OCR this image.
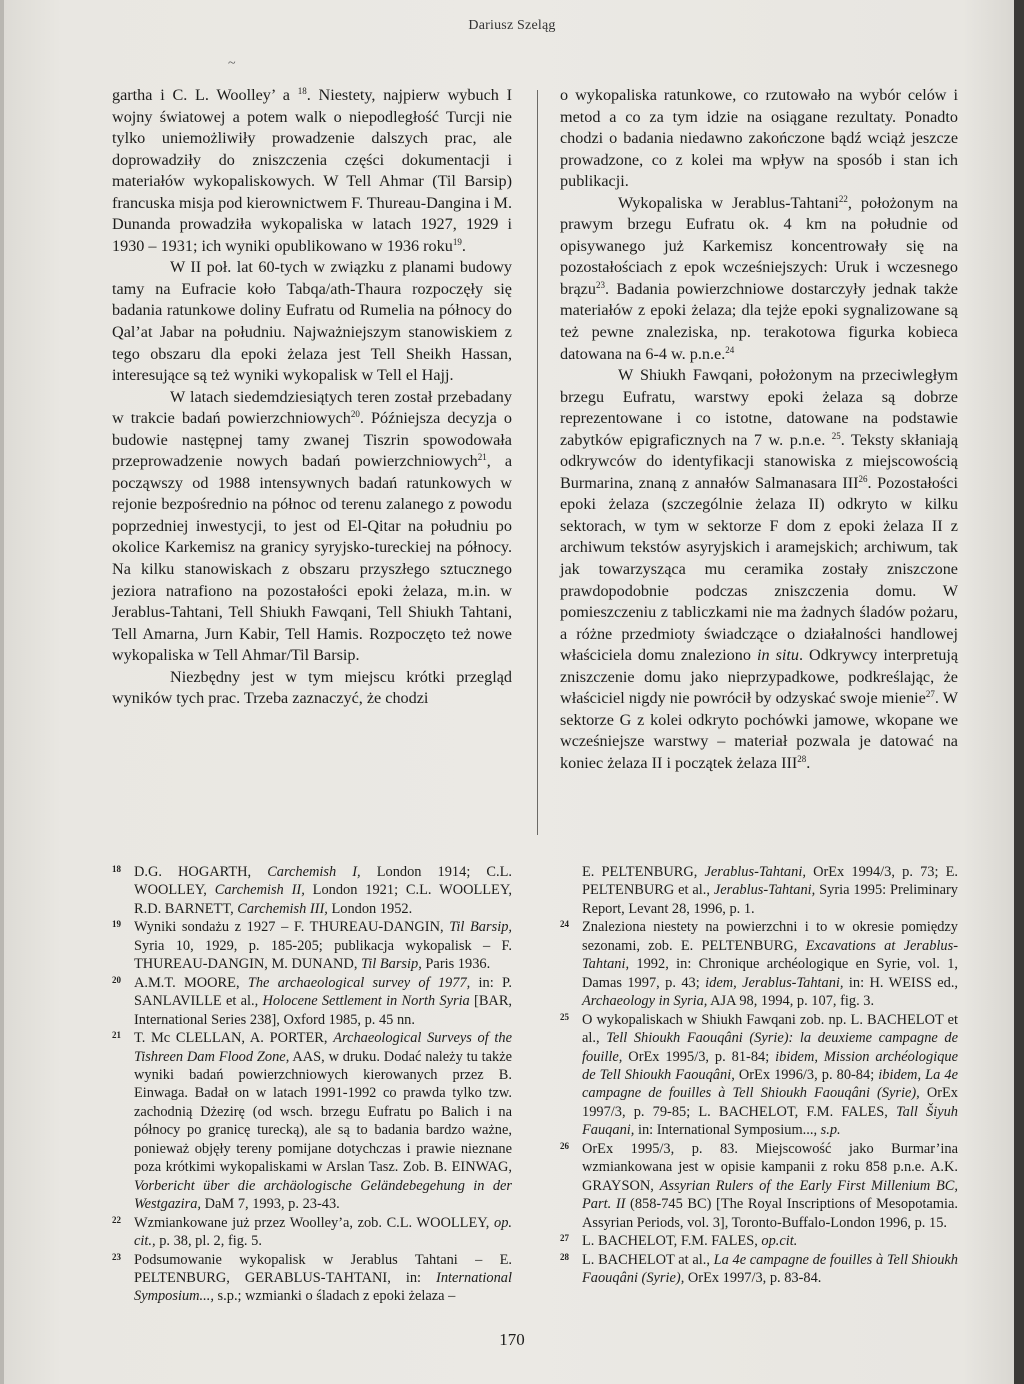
Dariusz Szeląg
~

gartha i C. L. Woolley’ a $^{18}$. Niestety, najpierw wybuch I wojny światowej a potem walk o niepodległość Turcji nie tylko uniemożliwiły prowadzenie dalszych prac, ale doprowadziły do zniszczenia części dokumentacji i materiałów wykopaliskowych. W Tell Ahmar (Til Barsip) francuska misja pod kierownictwem F. Thureau-Dangina i M. Dunanda prowadziła wykopaliska w latach 1927, 1929 i 1930 – 1931; ich wyniki opublikowano w 1936 roku$^{19}$.

W II poł. lat 60-tych w związku z planami budowy tamy na Eufracie koło Tabqa/ath-Thaura rozpoczęły się badania ratunkowe doliny Eufratu od Rumelia na północy do Qal’at Jabar na południu. Najważniejszym stanowiskiem z tego obszaru dla epoki żelaza jest Tell Sheikh Hassan, interesujące są też wyniki wykopalisk w Tell el Hajj.

W latach siedemdziesiątych teren został przebadany w trakcie badań powierzchniowych$^{20}$. Późniejsza decyzja o budowie następnej tamy zwanej Tiszrin spowodowała przeprowadzenie nowych badań powierzchniowych$^{21}$, a począwszy od 1988 intensywnych badań ratunkowych w rejonie bezpośrednio na północ od terenu zalanego z powodu poprzedniej inwestycji, to jest od El-Qitar na południu po okolice Karkemisz na granicy syryjsko-tureckiej na północy. Na kilku stanowiskach z obszaru przyszłego sztucznego jeziora natrafiono na pozostałości epoki żelaza, m.in. w Jerablus-Tahtani, Tell Shiukh Fawqani, Tell Shiukh Tahtani, Tell Amarna, Jurn Kabir, Tell Hamis. Rozpoczęto też nowe wykopaliska w Tell Ahmar/Til Barsip.

Niezbędny jest w tym miejscu krótki przegląd wyników tych prac. Trzeba zaznaczyć, że chodzi

o wykopaliska ratunkowe, co rzutowało na wybór celów i metod a co za tym idzie na osiągane rezultaty. Ponadto chodzi o badania niedawno zakończone bądź wciąż jeszcze prowadzone, co z kolei ma wpływ na sposób i stan ich publikacji.

Wykopaliska w Jerablus-Tahtani$^{22}$, położonym na prawym brzegu Eufratu ok. 4 km na południe od opisywanego już Karkemisz koncentrowały się na pozostałościach z epok wcześniejszych: Uruk i wczesnego brązu$^{23}$. Badania powierzchniowe dostarczyły jednak także materiałów z epoki żelaza; dla tejże epoki sygnalizowane są też pewne znaleziska, np. terakotowa figurka kobieca datowana na 6-4 w. p.n.e.$^{24}$

W Shiukh Fawqani, położonym na przeciwległym brzegu Eufratu, warstwy epoki żelaza są dobrze reprezentowane i co istotne, datowane na podstawie zabytków epigraficznych na 7 w. p.n.e. $^{25}$. Teksty skłaniają odkrywców do identyfikacji stanowiska z miejscowością Burmarina, znaną z annałów Salmanasara III$^{26}$. Pozostałości epoki żelaza (szczególnie żelaza II) odkryto w kilku sektorach, w tym w sektorze F dom z epoki żelaza II z archiwum tekstów asyryjskich i aramejskich; archiwum, tak jak towarzysząca mu ceramika zostały zniszczone prawdopodobnie podczas zniszczenia domu. W pomieszczeniu z tabliczkami nie ma żadnych śladów pożaru, a różne przedmioty świadczące o działalności handlowej właściciela domu znaleziono in situ. Odkrywcy interpretują zniszczenie domu jako nieprzypadkowe, podkreślając, że właściciel nigdy nie powrócił by odzyskać swoje mienie$^{27}$. W sektorze G z kolei odkryto pochówki jamowe, wkopane we wcześniejsze warstwy – materiał pozwala je datować na koniec żelaza II i początek żelaza III$^{28}$.

18 D.G. HOGARTH, Carchemish I, London 1914; C.L. WOOLLEY, Carchemish II, London 1921; C.L. WOOLLEY, R.D. BARNETT, Carchemish III, London 1952.

19 Wyniki sondażu z 1927 – F. THUREAU-DANGIN, Til Barsip, Syria 10, 1929, p. 185-205; publikacja wykopalisk – F. THUREAU-DANGIN, M. DUNAND, Til Barsip, Paris 1936.

20 A.M.T. MOORE, The archaeological survey of 1977, in: P. SANLAVILLE et al., Holocene Settlement in North Syria [BAR, International Series 238], Oxford 1985, p. 45 nn.

21 T. Mc CLELLAN, A. PORTER, Archaeological Surveys of the Tishreen Dam Flood Zone, AAS, w druku. Dodać należy tu także wyniki badań powierzchniowych kierowanych przez B. Einwaga. Badał on w latach 1991-1992 co prawda tylko tzw. zachodnią Dżezirę (od wsch. brzegu Eufratu po Balich i na północy po granicę turecką), ale są to badania bardzo ważne, ponieważ objęły tereny pomijane dotychczas i prawie nieznane poza krótkimi wykopaliskami w Arslan Tasz. Zob. B. EINWAG, Vorbericht über die archäologische Geländebegehung in der Westgazira, DaM 7, 1993, p. 23-43.

22 Wzmiankowane już przez Woolley’a, zob. C.L. WOOLLEY, op. cit., p. 38, pl. 2, fig. 5.

23 Podsumowanie wykopalisk w Jerablus Tahtani – E. PELTENBURG, GERABLUS-TAHTANI, in: International Symposium..., s.p.; wzmianki o śladach z epoki żelaza –

E. PELTENBURG, Jerablus-Tahtani, OrEx 1994/3, p. 73; E. PELTENBURG et al., Jerablus-Tahtani, Syria 1995: Preliminary Report, Levant 28, 1996, p. 1.

24 Znaleziona niestety na powierzchni i to w okresie pomiędzy sezonami, zob. E. PELTENBURG, Excavations at Jerablus-Tahtani, 1992, in: Chronique archéologique en Syrie, vol. 1, Damas 1997, p. 43; idem, Jerablus-Tahtani, in: H. WEISS ed., Archaeology in Syria, AJA 98, 1994, p. 107, fig. 3.

25 O wykopaliskach w Shiukh Fawqani zob. np. L. BACHELOT et al., Tell Shioukh Faouqâni (Syrie): la deuxieme campagne de fouille, OrEx 1995/3, p. 81-84; ibidem, Mission archéologique de Tell Shioukh Faouqâni, OrEx 1996/3, p. 80-84; ibidem, La 4e campagne de fouilles à Tell Shioukh Faouqâni (Syrie), OrEx 1997/3, p. 79-85; L. BACHELOT, F.M. FALES, Tall Šiyuh Fauqani, in: International Symposium..., s.p.

26 OrEx 1995/3, p. 83. Miejscowość jako Burmar’ina wzmiankowana jest w opisie kampanii z roku 858 p.n.e. A.K. GRAYSON, Assyrian Rulers of the Early First Millenium BC, Part. II (858-745 BC) [The Royal Inscriptions of Mesopotamia. Assyrian Periods, vol. 3], Toronto-Buffalo-London 1996, p. 15.

27 L. BACHELOT, F.M. FALES, op.cit.

28 L. BACHELOT at al., La 4e campagne de fouilles à Tell Shioukh Faouqâni (Syrie), OrEx 1997/3, p. 83-84.

170
